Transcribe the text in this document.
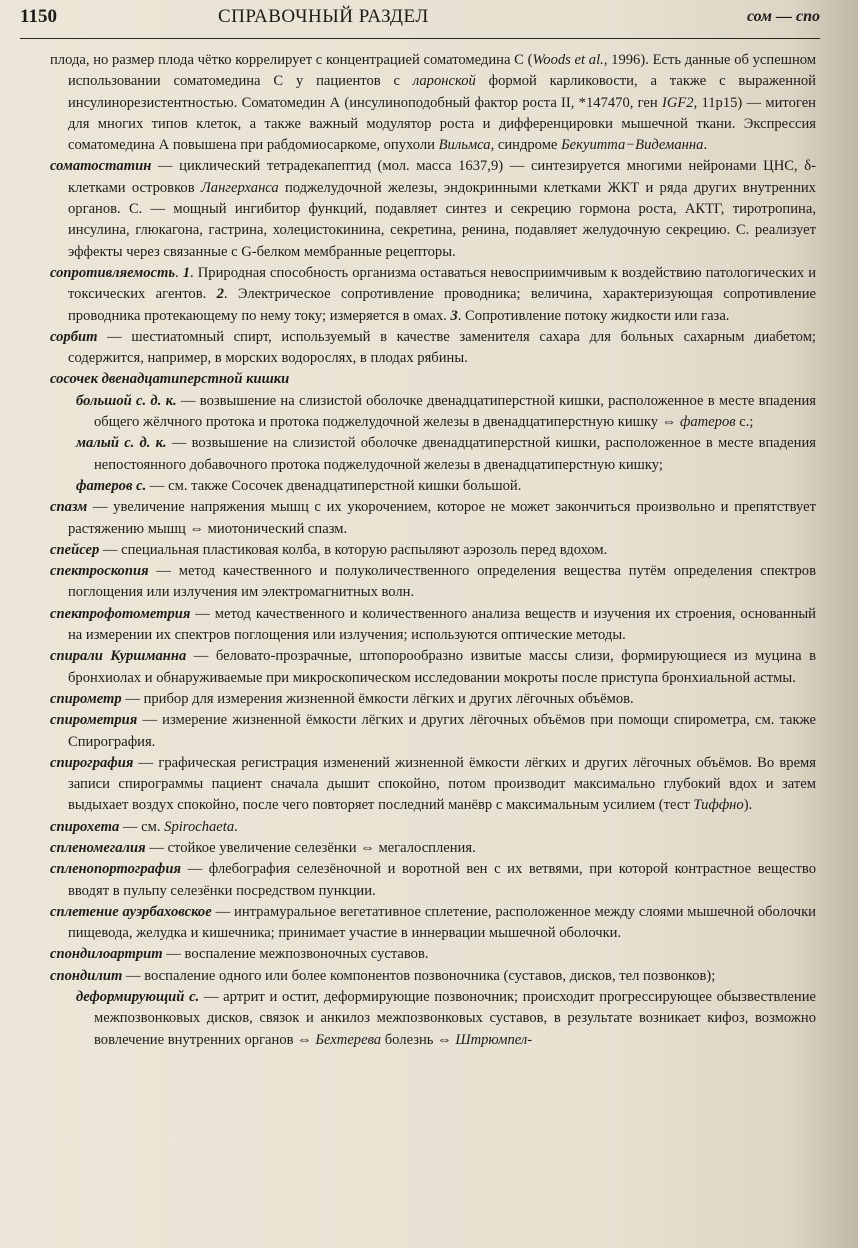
1150	СПРАВОЧНЫЙ РАЗДЕЛ	сом — спо

плода, но размер плода чётко коррелирует с концентрацией соматомедина С (Woods et al., 1996). Есть данные об успешном использовании соматомедина С у пациентов с ларонской формой карликовости, а также с выраженной инсулинорезистентностью. Соматомедин А (инсулиноподобный фактор роста II, *147470, ген IGF2, 11p15) — митоген для многих типов клеток, а также важный модулятор роста и дифференцировки мышечной ткани. Экспрессия соматомедина А повышена при рабдомиосаркоме, опухоли Вильмса, синдроме Бекуитта−Видеманна.

соматостатин — циклический тетрадекапептид (мол. масса 1637,9) — синтезируется многими нейронами ЦНС, δ-клетками островков Лангерханса поджелудочной железы, эндокринными клетками ЖКТ и ряда других внутренних органов. С. — мощный ингибитор функций, подавляет синтез и секрецию гормона роста, АКТГ, тиротропина, инсулина, глюкагона, гастрина, холецистокинина, секретина, ренина, подавляет желудочную секрецию. С. реализует эффекты через связанные с G-белком мембранные рецепторы.

сопротивляемость. 1. Природная способность организма оставаться невосприимчивым к воздействию патологических и токсических агентов. 2. Электрическое сопротивление проводника; величина, характеризующая сопротивление проводника протекающему по нему току; измеряется в омах. 3. Сопротивление потоку жидкости или газа.

сорбит — шестиатомный спирт, используемый в качестве заменителя сахара для больных сахарным диабетом; содержится, например, в морских водорослях, в плодах рябины.

сосочек двенадцатиперстной кишки

большой с. д. к. — возвышение на слизистой оболочке двенадцатиперстной кишки, расположенное в месте впадения общего жёлчного протока и протока поджелудочной железы в двенадцатиперстную кишку ⇔ фатеров с.;

малый с. д. к. — возвышение на слизистой оболочке двенадцатиперстной кишки, расположенное в месте впадения непостоянного добавочного протока поджелудочной железы в двенадцатиперстную кишку;

фатеров с. — см. также Сосочек двенадцатиперстной кишки большой.

спазм — увеличение напряжения мышц с их укорочением, которое не может закончиться произвольно и препятствует растяжению мышц ⇔ миотонический спазм.

спейсер — специальная пластиковая колба, в которую распыляют аэрозоль перед вдохом.

спектроскопия — метод качественного и полуколичественного определения вещества путём определения спектров поглощения или излучения им электромагнитных волн.

спектрофотометрия — метод качественного и количественного анализа веществ и изучения их строения, основанный на измерении их спектров поглощения или излучения; используются оптические методы.

спирали Куршманна — беловато-прозрачные, штопорообразно извитые массы слизи, формирующиеся из муцина в бронхиолах и обнаруживаемые при микроскопическом исследовании мокроты после приступа бронхиальной астмы.

спирометр — прибор для измерения жизненной ёмкости лёгких и других лёгочных объёмов.

спирометрия — измерение жизненной ёмкости лёгких и других лёгочных объёмов при помощи спирометра, см. также Спирография.

спирография — графическая регистрация изменений жизненной ёмкости лёгких и других лёгочных объёмов. Во время записи спирограммы пациент сначала дышит спокойно, потом производит максимально глубокий вдох и затем выдыхает воздух спокойно, после чего повторяет последний манёвр с максимальным усилием (тест Тиффно).

спирохета — см. Spirochaeta.

спленомегалия — стойкое увеличение селезёнки ⇔ мегалоспления.

спленопортография — флебография селезёночной и воротной вен с их ветвями, при которой контрастное вещество вводят в пульпу селезёнки посредством пункции.

сплетение ауэрбаховское — интрамуральное вегетативное сплетение, расположенное между слоями мышечной оболочки пищевода, желудка и кишечника; принимает участие в иннервации мышечной оболочки.

спондилоартрит — воспаление межпозвоночных суставов.

спондилит — воспаление одного или более компонентов позвоночника (суставов, дисков, тел позвонков);

деформирующий с. — артрит и остит, деформирующие позвоночник; происходит прогрессирующее обызвествление межпозвонковых дисков, связок и анкилоз межпозвонковых суставов, в результате возникает кифоз, возможно вовлечение внутренних органов ⇔ Бехтерева болезнь ⇔ Штрюмпел-
